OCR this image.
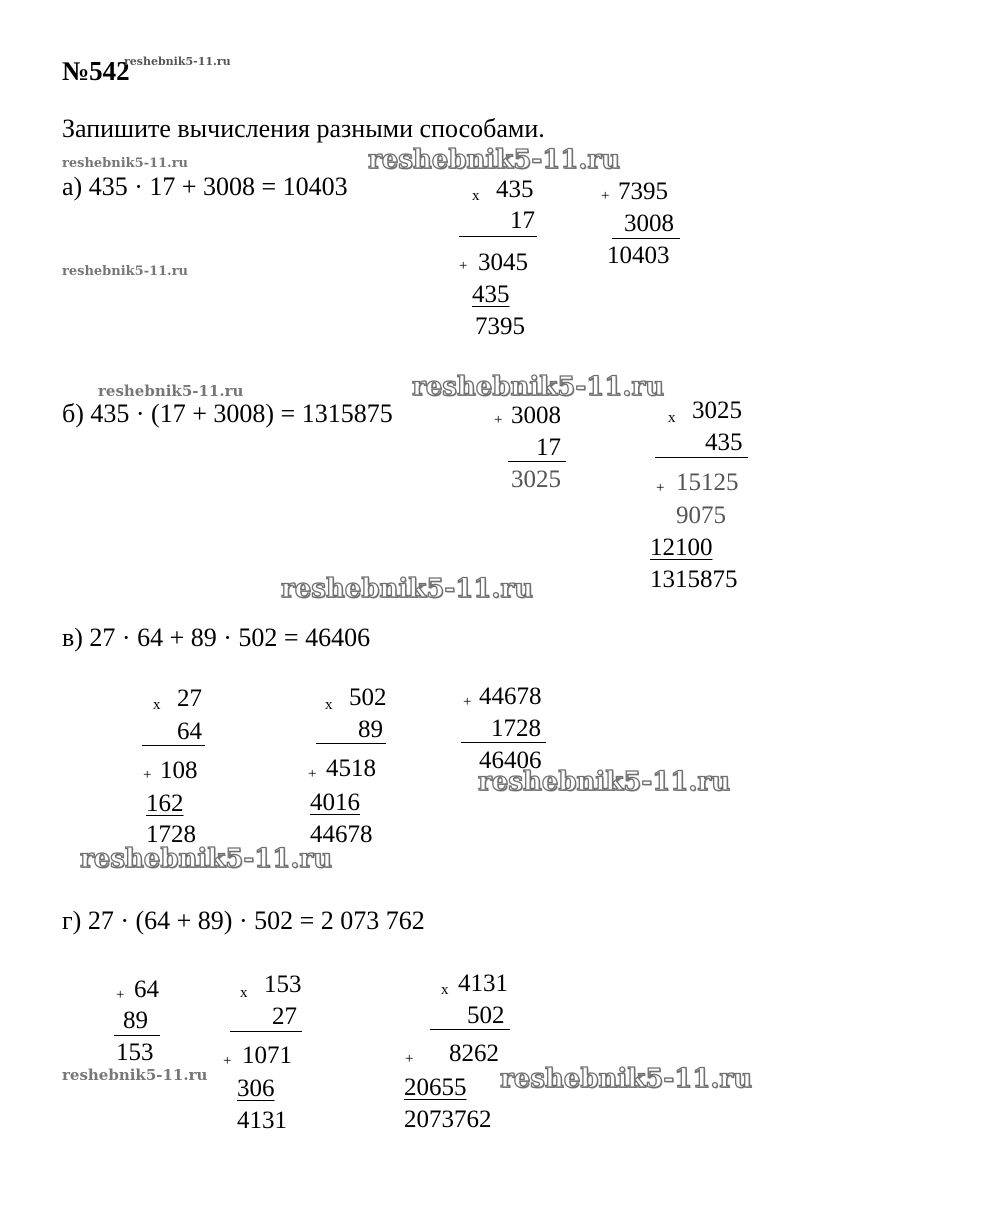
№542
reshebnik5-11.ru
Запишите вычисления разными способами.
reshebnik5-11.ru	reshebnik5-11.ru
а) 435 · 17 + 3008 = 10403	x 435
17
+ 3045
435
7395
+ 7395
3008
10403
reshebnik5-11.ru
reshebnik5-11.ru	reshebnik5-11.ru
б) 435 · (17 + 3008) = 1315875	+ 3008
17
3025
x 3025
435
+ 15125
9075
12100
1315875
reshebnik5-11.ru
в) 27 · 64 + 89 · 502 = 46406
x 27
64
+ 108
162
1728
x 502
89
+ 4518
4016
44678
+ 44678
1728
46406
reshebnik5-11.ru
reshebnik5-11.ru
г) 27 · (64 + 89) · 502 = 2 073 762
+ 64
89
153
x 153
27
+ 1071
306
4131
x 4131
502
+ 8262
20655
2073762
reshebnik5-11.ru	reshebnik5-11.ru
